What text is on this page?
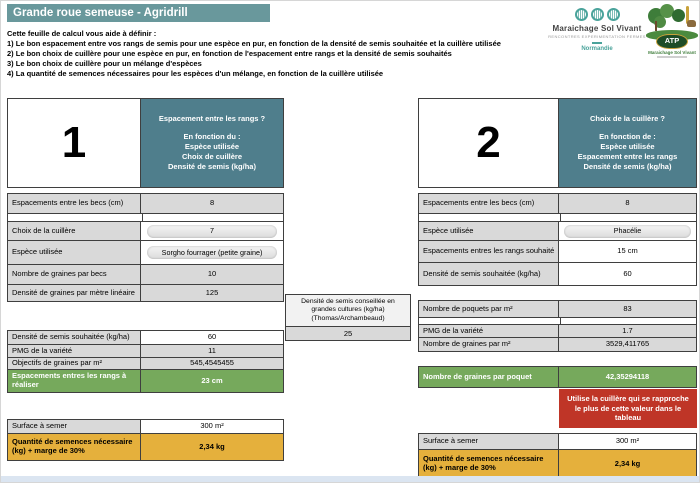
Grande roue semeuse - Agridrill
Cette feuille de calcul vous aide à définir :
1) Le bon espacement entre vos rangs de semis pour une espèce en pur, en fonction de la densité de semis souhaitée et la cuillère utilisée
2) Le bon choix de cuillère pour une espèce en pur, en fonction de l'espacement entre rangs et la densité de semis souhaités
3) Le bon choix de cuillère pour un mélange d'espèces
4) La quantité de semences nécessaires pour les espèces d'un mélange, en fonction de la cuillère utilisée
Maraichage Sol Vivant
RENCONTRES EXPERIMENTATION FERMES
Normandie
ATP
Maraichage Sol Vivant
1	Espacement entre les rangs ?
En fonction du :
Espèce utilisée
Choix de cuillère
Densité de semis (kg/ha)
Espacements entre les becs (cm)	8
Choix de la cuillère	7
Espèce utilisée	Sorgho fourrager (petite graine)
Nombre de graines par becs	10
Densité de graines par mètre linéaire	125
Densité de semis souhaitée (kg/ha)	60
PMG de la variété	11
Objectifs de graines par m²	545,4545455
Espacements entres les rangs à réaliser	23 cm
Surface à semer	300 m²
Quantité de semences nécessaire (kg) + marge de 30%	2,34 kg
Densité de semis conseillée en grandes cultures (kg/ha) (Thomas/Archambeaud)
25
2	Choix de la cuillère ?
En fonction de :
Espèce utilisée
Espacement entre les rangs
Densité de semis (kg/ha)
Espacements entre les becs (cm)	8
Espèce utilisée	Phacélie
Espacements entres les rangs souhaité	15 cm
Densité de semis souhaitée (kg/ha)	60
Nombre de poquets par m²	83
PMG de la variété	1.7
Nombre de graines par m²	3529,411765
Nombre de graines par poquet	42,35294118
Utilise la cuillère qui se rapproche le plus de cette valeur dans le tableau
Surface à semer	300 m²
Quantité de semences nécessaire (kg) + marge de 30%	2,34 kg
